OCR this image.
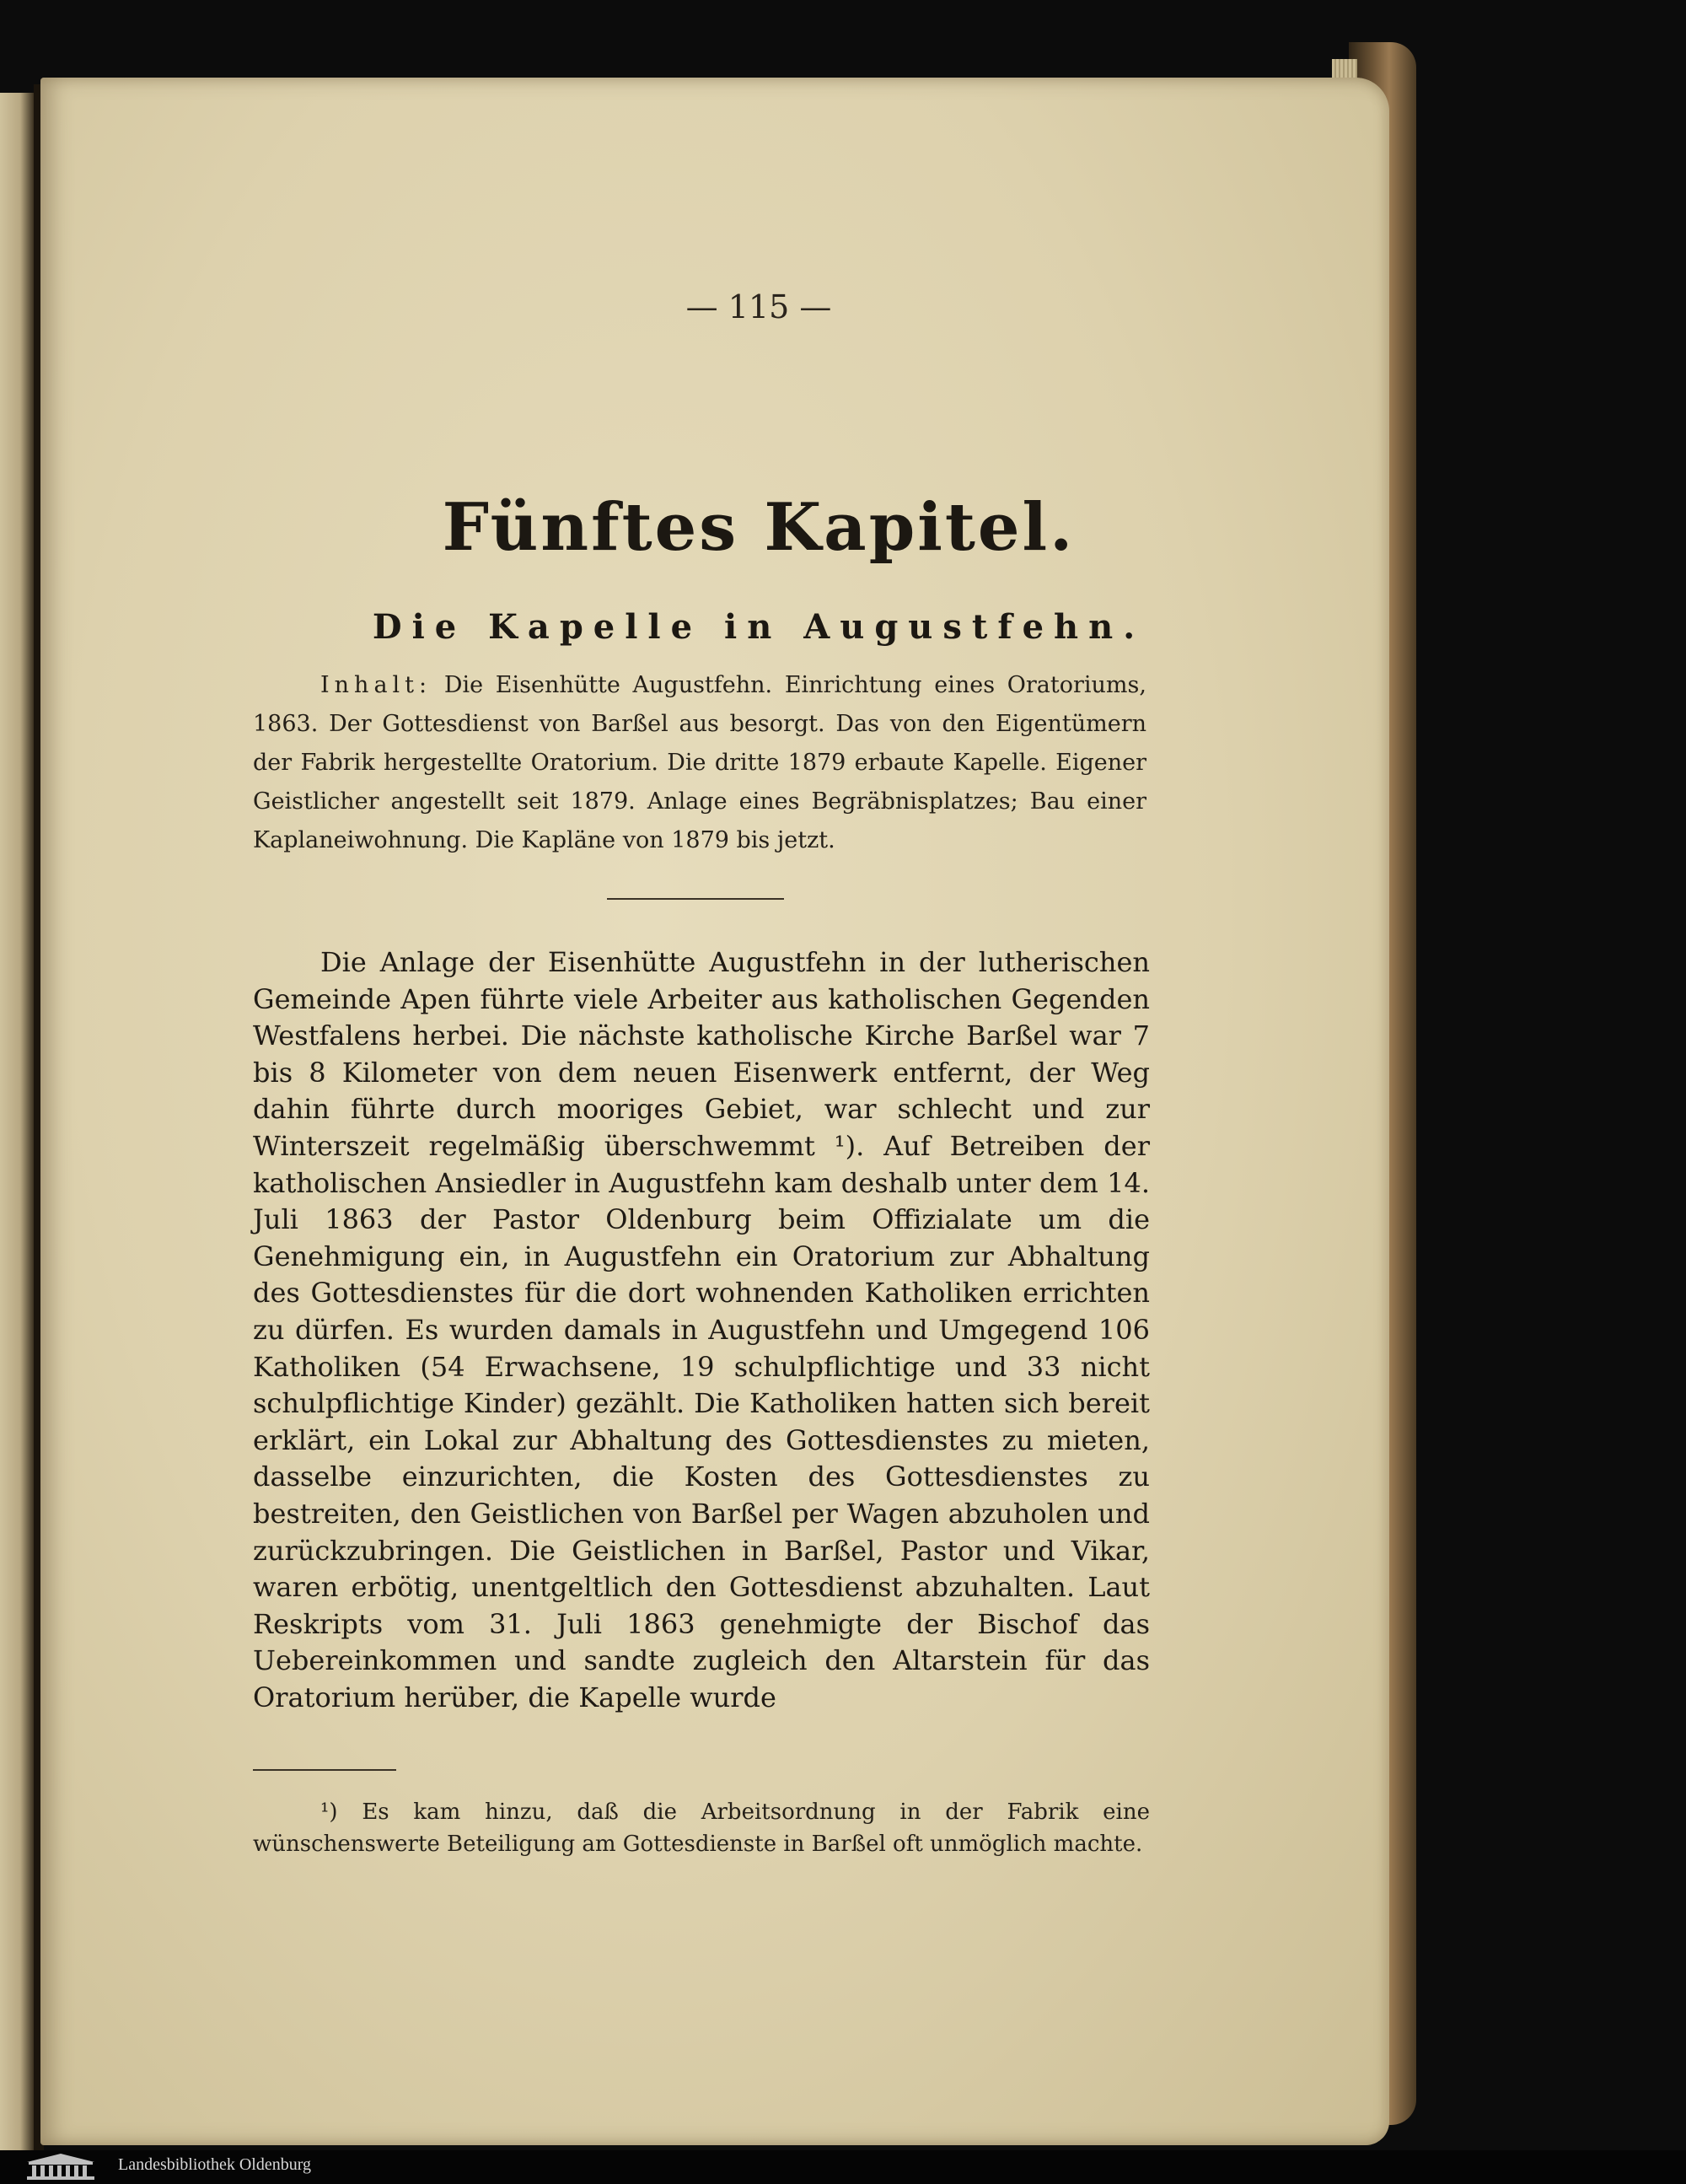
— 115 —
Fünftes Kapitel.
Die Kapelle in Augustfehn.
Inhalt: Die Eisenhütte Augustfehn. Einrichtung eines Oratoriums, 1863. Der Gottesdienst von Barßel aus besorgt. Das von den Eigentümern der Fabrik hergestellte Oratorium. Die dritte 1879 erbaute Kapelle. Eigener Geistlicher angestellt seit 1879. Anlage eines Begräbnisplatzes; Bau einer Kaplaneiwohnung. Die Kapläne von 1879 bis jetzt.
Die Anlage der Eisenhütte Augustfehn in der lutherischen Gemeinde Apen führte viele Arbeiter aus katholischen Gegenden Westfalens herbei. Die nächste katholische Kirche Barßel war 7 bis 8 Kilometer von dem neuen Eisenwerk entfernt, der Weg dahin führte durch mooriges Gebiet, war schlecht und zur Winterszeit regelmäßig überschwemmt ¹). Auf Betreiben der katholischen Ansiedler in Augustfehn kam deshalb unter dem 14. Juli 1863 der Pastor Oldenburg beim Offizialate um die Genehmigung ein, in Augustfehn ein Oratorium zur Abhaltung des Gottesdienstes für die dort wohnenden Katholiken errichten zu dürfen. Es wurden damals in Augustfehn und Umgegend 106 Katholiken (54 Erwachsene, 19 schulpflichtige und 33 nicht schulpflichtige Kinder) gezählt. Die Katholiken hatten sich bereit erklärt, ein Lokal zur Abhaltung des Gottesdienstes zu mieten, dasselbe einzurichten, die Kosten des Gottesdienstes zu bestreiten, den Geistlichen von Barßel per Wagen abzuholen und zurückzubringen. Die Geistlichen in Barßel, Pastor und Vikar, waren erbötig, unentgeltlich den Gottesdienst abzuhalten. Laut Reskripts vom 31. Juli 1863 genehmigte der Bischof das Uebereinkommen und sandte zugleich den Altarstein für das Oratorium herüber, die Kapelle wurde
¹) Es kam hinzu, daß die Arbeitsordnung in der Fabrik eine wünschenswerte Beteiligung am Gottesdienste in Barßel oft unmöglich machte.
Landesbibliothek Oldenburg
